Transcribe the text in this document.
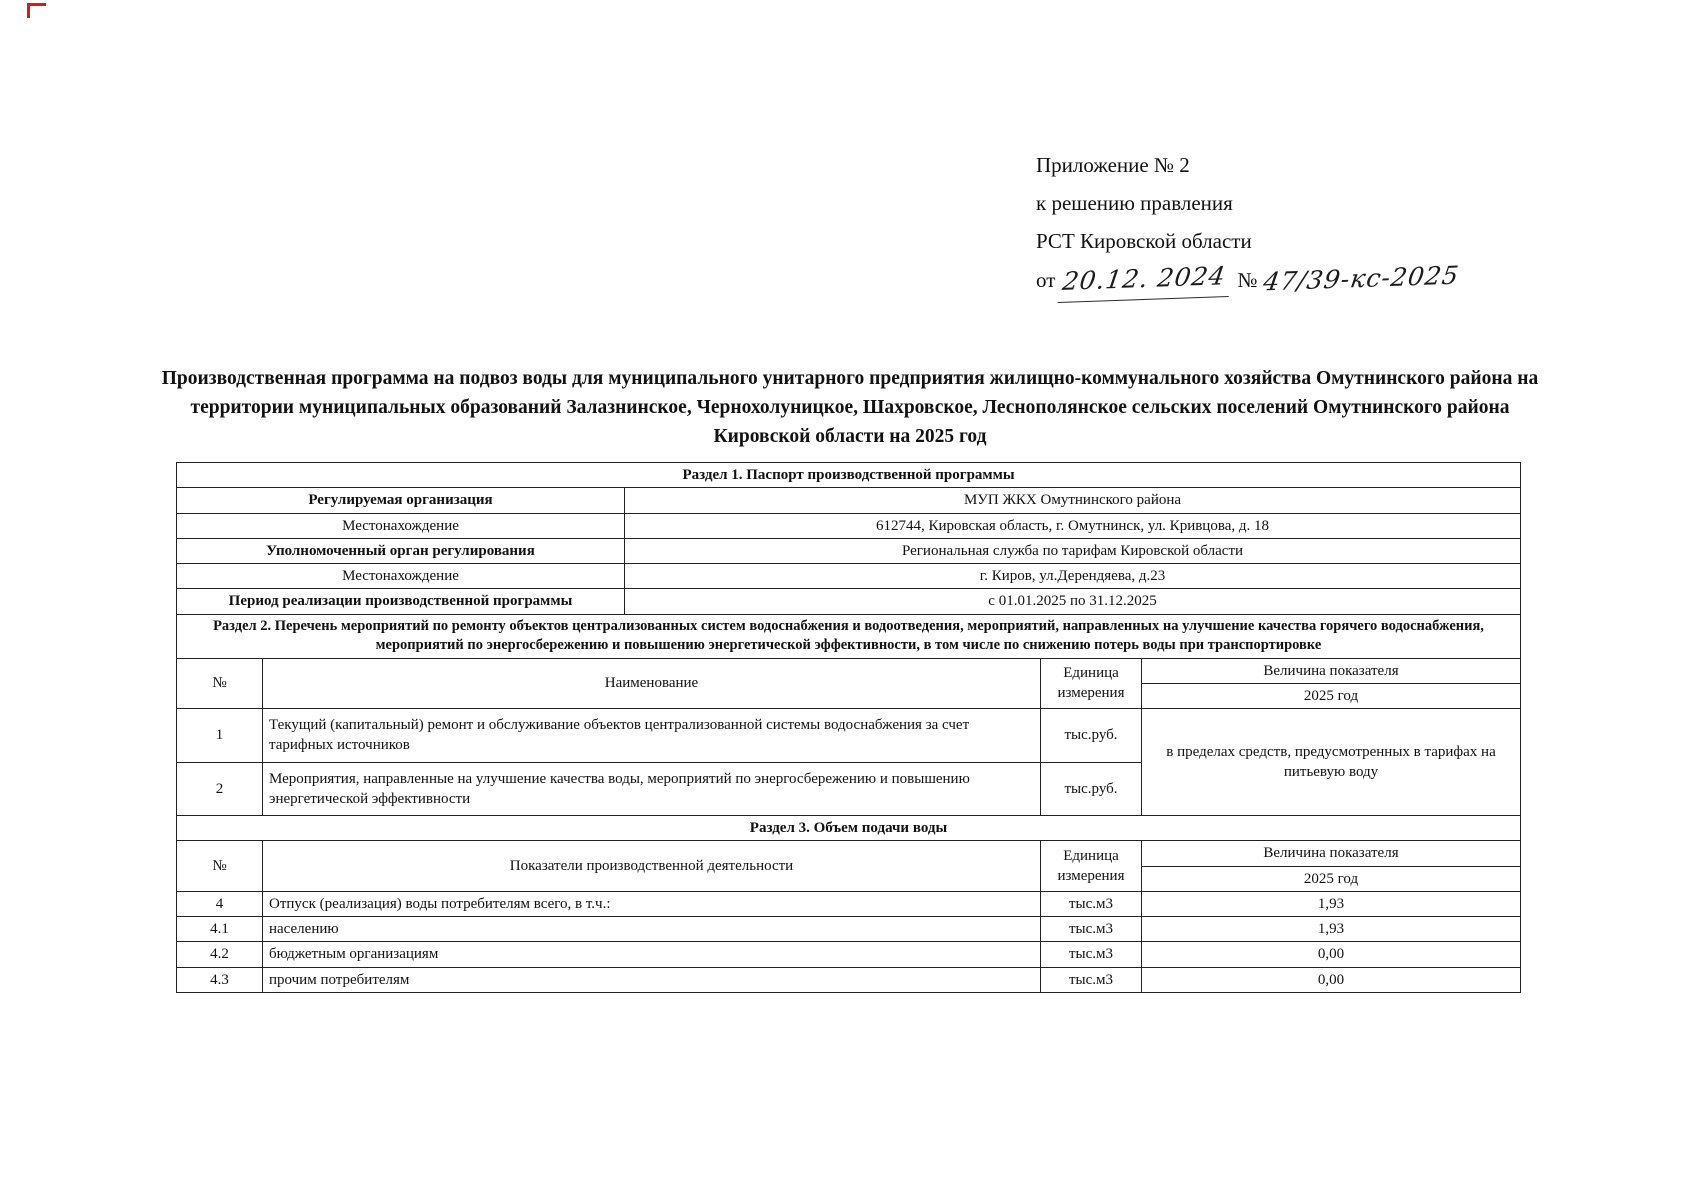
Приложение № 2
к решению правления
РСТ Кировской области
от 20.12. 2024 № 47/39-кс-2025
Производственная программа на подвоз воды для муниципального унитарного предприятия жилищно-коммунального хозяйства Омутнинского района на территории муниципальных образований Залазнинское, Чернохолуницкое, Шахровское, Леснополянское сельских поселений Омутнинского района Кировской области на 2025 год
Раздел 1. Паспорт производственной программы	
Регулируемая организация	МУП ЖКХ Омутнинского района
Местонахождение	612744, Кировская область, г. Омутнинск, ул. Кривцова, д. 18
Уполномоченный орган регулирования	Региональная служба по тарифам Кировской области
Местонахождение	г. Киров, ул.Дерендяева, д.23
Период реализации производственной программы	с 01.01.2025 по 31.12.2025
Раздел 2. Перечень мероприятий по ремонту объектов централизованных систем водоснабжения и водоотведения, мероприятий, направленных на улучшение качества горячего водоснабжения, мероприятий по энергосбережению и повышению энергетической эффективности, в том числе по снижению потерь воды при транспортировке			
№	Наименование	Единица измерения	Величина показателя
			2025 год
1	Текущий (капитальный) ремонт и обслуживание объектов централизованной системы водоснабжения за счет тарифных источников	тыс.руб.	в пределах средств, предусмотренных в тарифах на питьевую воду
2	Мероприятия, направленные на улучшение качества воды, мероприятий по энергосбережению и повышению энергетической эффективности	тыс.руб.	
Раздел 3. Объем подачи воды			
№	Показатели производственной деятельности	Единица измерения	Величина показателя
			2025 год
4	Отпуск (реализация) воды потребителям всего, в т.ч.:	тыс.м3	1,93
4.1	населению	тыс.м3	1,93
4.2	бюджетным организациям	тыс.м3	0,00
4.3	прочим потребителям	тыс.м3	0,00
